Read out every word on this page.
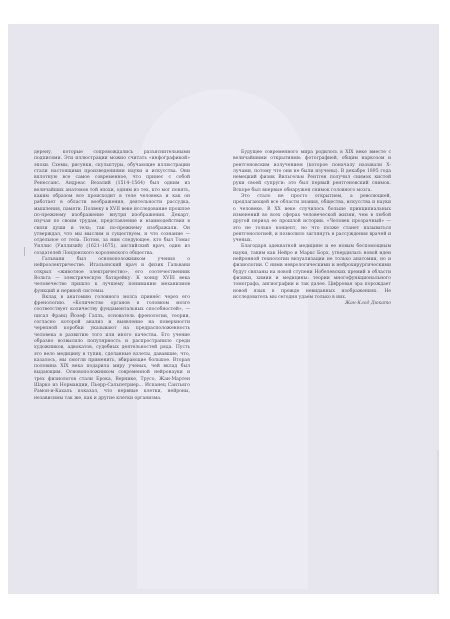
дерену, которые сопровождались разъяснительными подписями. Эти иллюстрации можно считать «инфографикой» эпохи. Схемы, рисунки, скульптуры, обучающие иллюстрации стали настоящими произведениями науки и искусства. Они вплотную все самое современное, что принес с собой Ренессанс. Андреас Везалий (1514–1564) был одним из величайших анатомов той эпохи, одним из тех, кто мог понять, каким образом все происходит в теле человека и как он работает в области воображения, деятельности рассудка, мышления, памяти. Полвеку в XVII веке исследование прошлое по-прежнему изображение внутри изображения. Декарт, изучая по своим трудам, представление и взаимодействия в связи души и тела; так по-прежнему изображали. Он утверждал, что мы мыслим и существуем, и что сознание — отдельное от тела. Потом, за ним следующее, кто был Томас Уиллис (Уиллизий) (1621–1675), английский врач, один из создателей Лондонского королевского общества.

Гальвани был основоположником учения о нейроэлектричестве. Итальянский врач и физик Гальвани открыл «животное электричество», его соотечественник Вольта — электрическую батарейку. К концу XVIII века человечество пришло к лучшему пониманию механизмов функций и нервной системы.

Вклад в анатомию головного мозга привнёс через его френологию. «Количество органов в головном мозге соответствует количеству фундаментальных способностей», — писал Франц Йозеф Галль, основатель френологии, теории, согласно которой анализ и выявление на поверхности черепной коробки указывают на предрасположенность человека в развитию того или иного качества. Его учение образно возвысило популярность и распространило среди художников, адвокатов, судебных деятельностей ряда. Пусть это вело медицину в тупик, сделанные взлеты, дававшие, что, казалось, мы смогли применить, вбирающие большое. Вторая половина XIX века подарила миру ученых, чей вклад был выдающим. Основоположником современной нейронауки и трех физиологов стали Брока, Вернике, Трусо, Жан-Мартен Шарко из Нормандии, Пьерр-Сальпетриер... Испанец Сантьяго Рамон-и-Кахаль показал, что нервные клетки, нейроны, независимы так же, как и другие клетки организма.

Будущее современного мира родилось в XIX веке вместе с величайшими открытиями: фотографией, общим наркозом и рентгеновским излучением (которое поначалу называли Х-лучами, потому что они не были изучены). В декабре 1895 года немецкий физик Вильгельм Рентген получил снимок кистей руки своей супруги: это был первый рентгеновский снимок. Вскоре был впервые обнаружен снимок головного мозга.

Это стало не просто открытием, а революцией, предлагающей все области знания, общества, искусства и науки о человеке. В XX веке случилось больше принципиальных изменений во всех сферах человеческой жизни, чем в любой другой период ее прошлой истории. «Человек прозрачный» — это не только концепт, но что позже станет называться рентгенологией, и позволило заглянуть в рассуждения врачей и ученых.

Благодаря адекватной медицине и ее новым беспомощным науки, таким как Нейро и Маркс Борх, утвердилась новой идеи нейронной технологии визуализации не только анатомии, но и физиологии. С ними неврологическими и нейрохирургическими будут связаны на новой ступени Нобелевских премий в области физики, химии и медицины: теории многофункционального томографа, ангиографии и так далее. Цифровая эра порождает новой язык в прежде невиданных изображениях. Не исследователь мы сегодня удаем только в них.

Жан-Клод Дюкато
